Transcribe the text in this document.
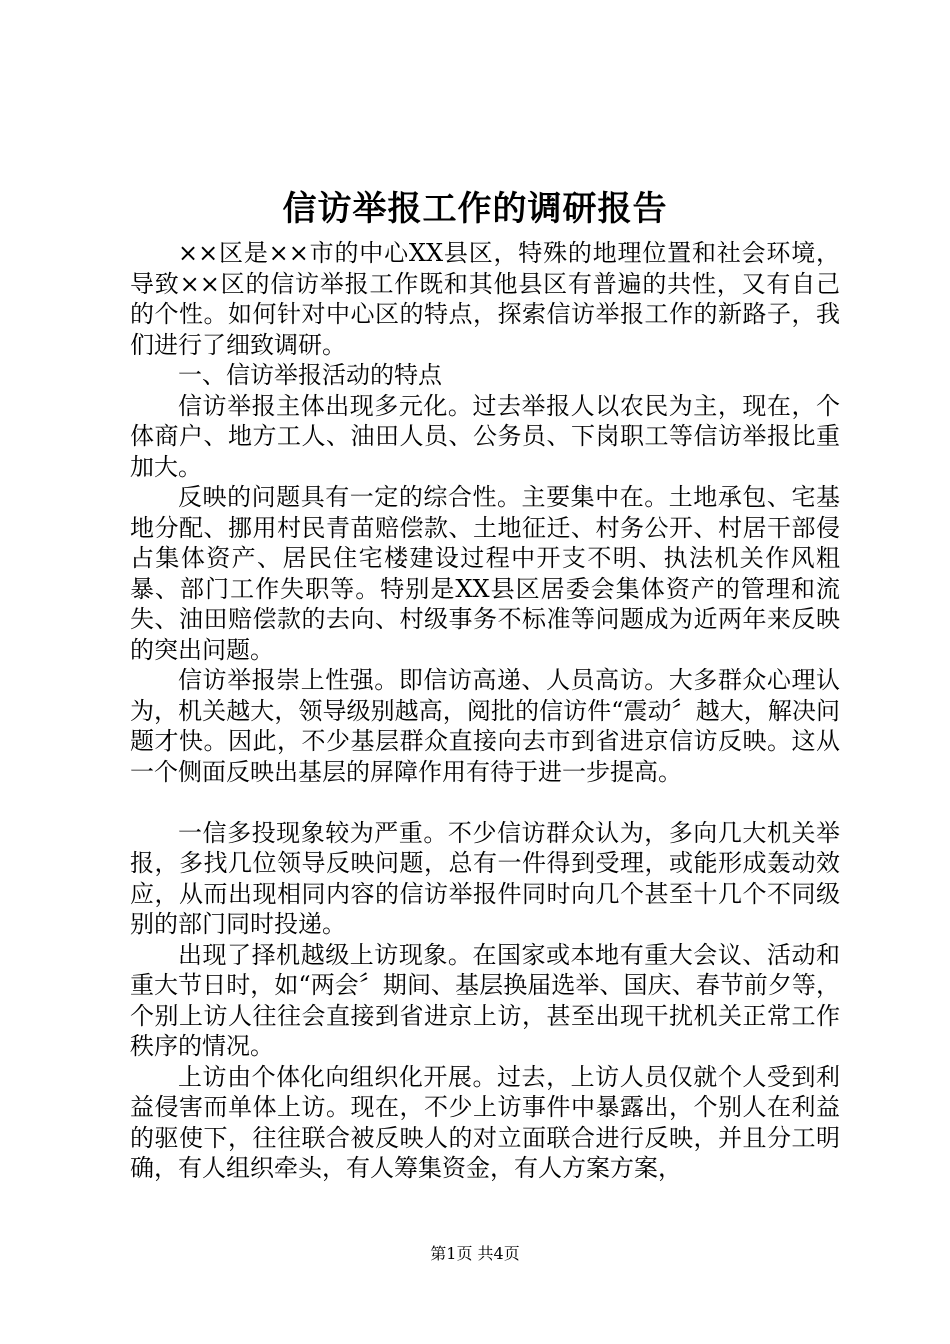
信访举报工作的调研报告

××区是××市的中心XX县区，特殊的地理位置和社会环境，导致××区的信访举报工作既和其他县区有普遍的共性，又有自己的个性。如何针对中心区的特点，探索信访举报工作的新路子，我们进行了细致调研。

一、信访举报活动的特点

信访举报主体出现多元化。过去举报人以农民为主，现在，个体商户、地方工人、油田人员、公务员、下岗职工等信访举报比重加大。

反映的问题具有一定的综合性。主要集中在。土地承包、宅基地分配、挪用村民青苗赔偿款、土地征迁、村务公开、村居干部侵占集体资产、居民住宅楼建设过程中开支不明、执法机关作风粗暴、部门工作失职等。特别是XX县区居委会集体资产的管理和流失、油田赔偿款的去向、村级事务不标准等问题成为近两年来反映的突出问题。

信访举报崇上性强。即信访高递、人员高访。大多群众心理认为，机关越大，领导级别越高，阅批的信访件“震动〞越大，解决问题才快。因此，不少基层群众直接向去市到省进京信访反映。这从一个侧面反映出基层的屏障作用有待于进一步提高。

一信多投现象较为严重。不少信访群众认为，多向几大机关举报，多找几位领导反映问题，总有一件得到受理，或能形成轰动效应，从而出现相同内容的信访举报件同时向几个甚至十几个不同级别的部门同时投递。

出现了择机越级上访现象。在国家或本地有重大会议、活动和重大节日时，如“两会〞期间、基层换届选举、国庆、春节前夕等，个别上访人往往会直接到省进京上访，甚至出现干扰机关正常工作秩序的情况。

上访由个体化向组织化开展。过去，上访人员仅就个人受到利益侵害而单体上访。现在，不少上访事件中暴露出，个别人在利益的驱使下，往往联合被反映人的对立面联合进行反映，并且分工明确，有人组织牵头，有人筹集资金，有人方案方案，

第1页 共4页
